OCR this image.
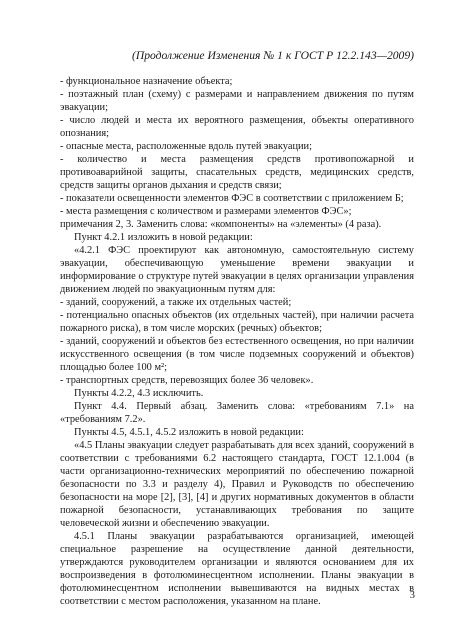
(Продолжение Изменения № 1 к ГОСТ Р 12.2.143—2009)

- функциональное назначение объекта;

- поэтажный план (схему) с размерами и направлением движения по путям эвакуации;

- число людей и места их вероятного размещения, объекты оперативного опознания;

- опасные места, расположенные вдоль путей эвакуации;

- количество и места размещения средств противопожарной и противоаварийной защиты, спасательных средств, медицинских средств, средств защиты органов дыхания и средств связи;

- показатели освещенности элементов ФЭС в соответствии с приложением Б;

- места размещения с количеством и размерами элементов ФЭС»;

примечания 2, 3. Заменить слова: «компоненты» на «элементы» (4 раза).

Пункт 4.2.1 изложить в новой редакции:

«4.2.1 ФЭС проектируют как автономную, самостоятельную систему эвакуации, обеспечивающую уменьшение времени эвакуации и информирование о структуре путей эвакуации в целях организации управления движением людей по эвакуационным путям для:

- зданий, сооружений, а также их отдельных частей;

- потенциально опасных объектов (их отдельных частей), при наличии расчета пожарного риска), в том числе морских (речных) объектов;

- зданий, сооружений и объектов без естественного освещения, но при наличии искусственного освещения (в том числе подземных сооружений и объектов) площадью более 100 м²;

- транспортных средств, перевозящих более 36 человек».

Пункты 4.2.2, 4.3 исключить.

Пункт 4.4. Первый абзац. Заменить слова: «требованиям 7.1» на «требованиям 7.2».

Пункты 4.5, 4.5.1, 4.5.2 изложить в новой редакции:

«4.5 Планы эвакуации следует разрабатывать для всех зданий, сооружений в соответствии с требованиями 6.2 настоящего стандарта, ГОСТ 12.1.004 (в части организационно-технических мероприятий по обеспечению пожарной безопасности по 3.3 и разделу 4), Правил и Руководств по обеспечению безопасности на море [2], [3], [4] и других нормативных документов в области пожарной безопасности, устанавливающих требования по защите человеческой жизни и обеспечению эвакуации.

4.5.1 Планы эвакуации разрабатываются организацией, имеющей специальное разрешение на осуществление данной деятельности, утверждаются руководителем организации и являются основанием для их воспроизведения в фотолюминесцентном исполнении. Планы эвакуации в фотолюминесцентном исполнении вывешиваются на видных местах в соответствии с местом расположения, указанном на плане.

3
